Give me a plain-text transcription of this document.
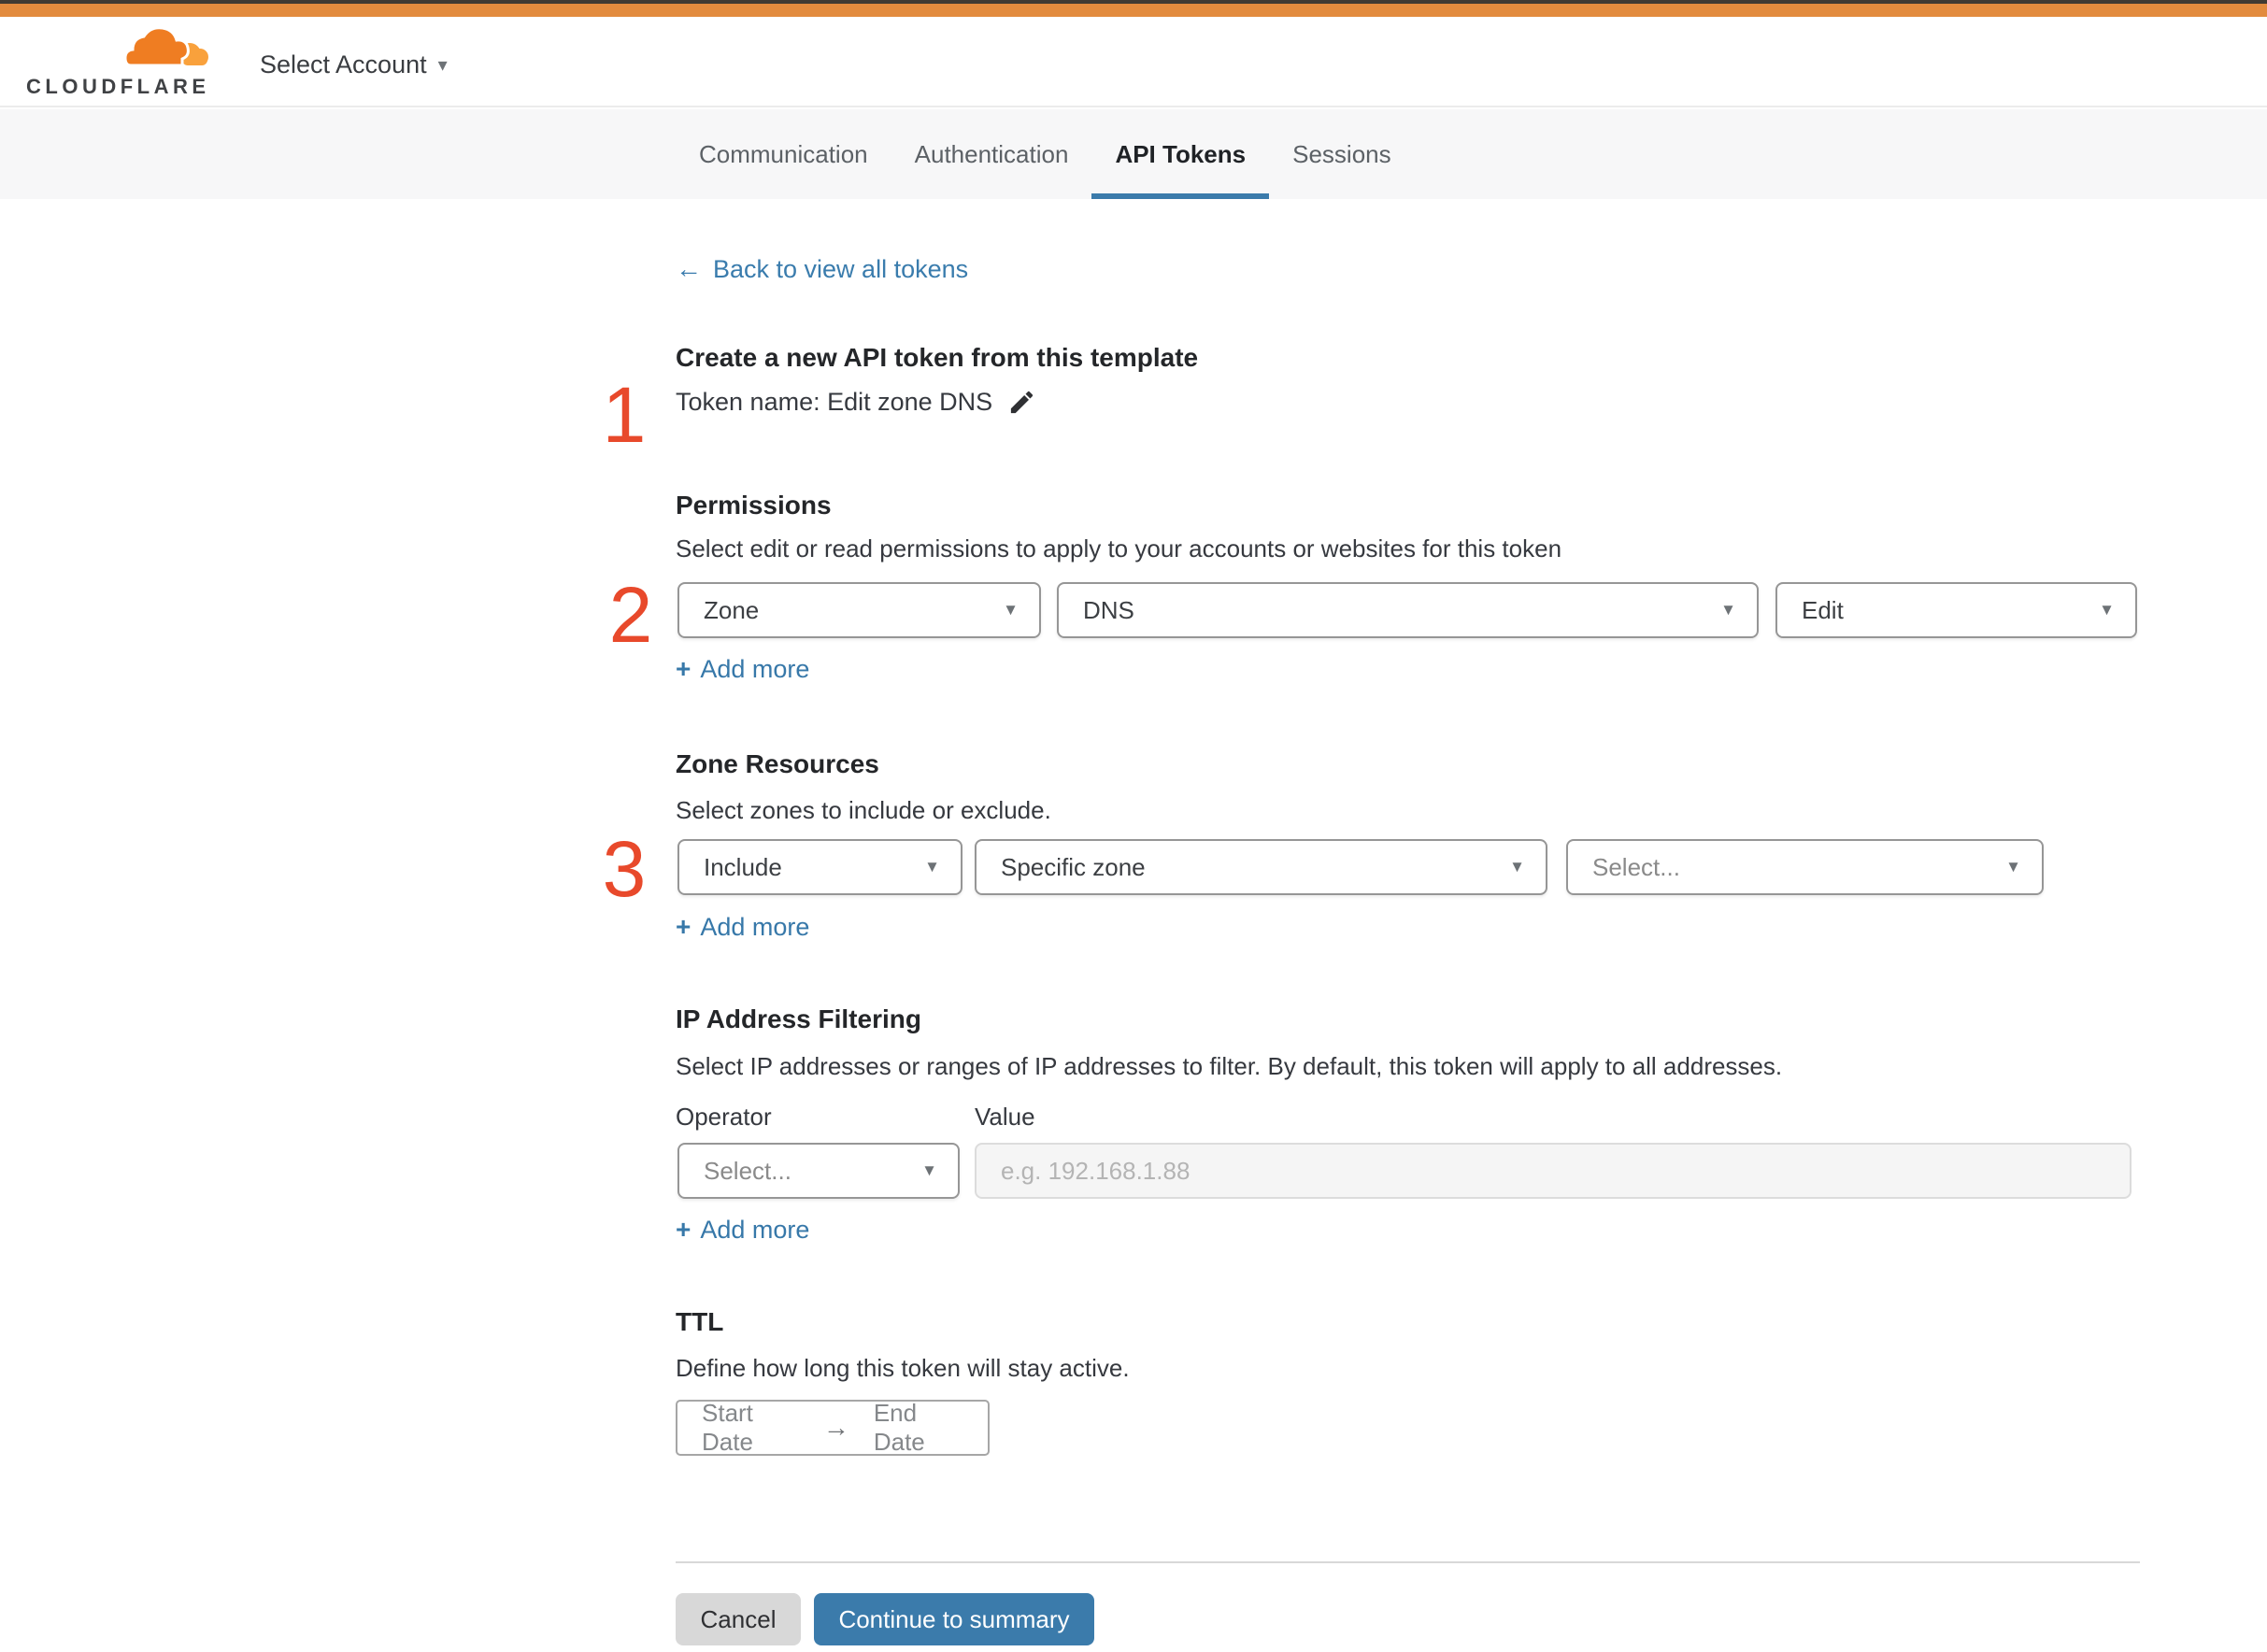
CLOUDFLARE
Select Account ▾
Communication Authentication API Tokens Sessions
← Back to view all tokens
1
Create a new API token from this template
Token name: Edit zone DNS
2
Permissions
Select edit or read permissions to apply to your accounts or websites for this token
Zone	▼	DNS	▼	Edit	▼
+ Add more
3
Zone Resources
Select zones to include or exclude.
Include	▼	Specific zone	▼	Select...	▼
+ Add more
IP Address Filtering
Select IP addresses or ranges of IP addresses to filter. By default, this token will apply to all addresses.
Operator	Value
Select...	▼
e.g. 192.168.1.88
+ Add more
TTL
Define how long this token will stay active.
Start Date	→ End Date
Cancel	Continue to summary
